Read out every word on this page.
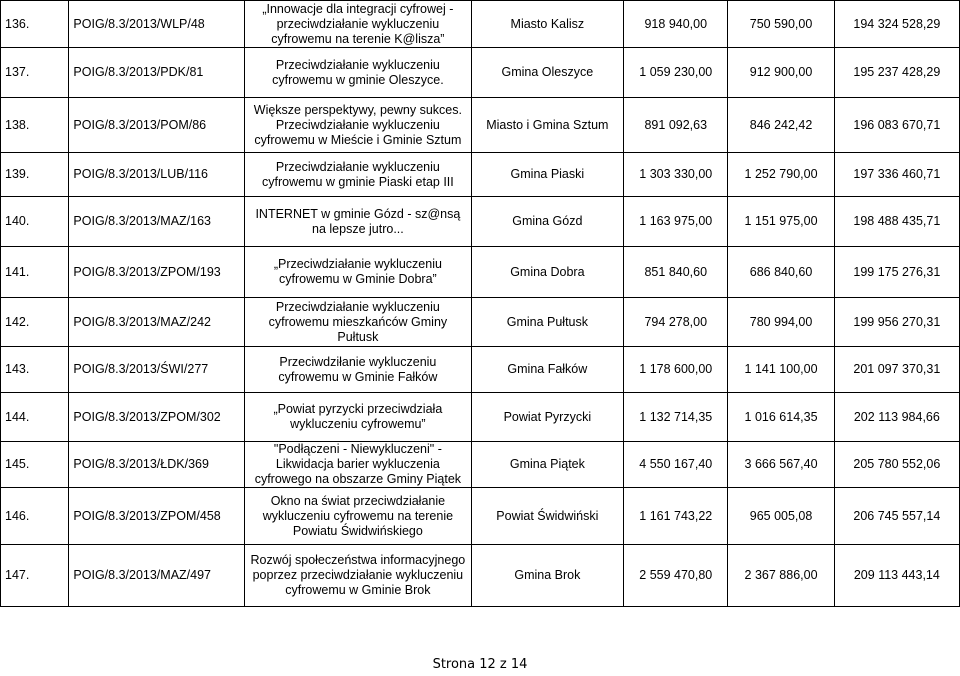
136.	POIG/8.3/2013/WLP/48	„Innowacje dla integracji cyfrowej - przeciwdziałanie wykluczeniu cyfrowemu na terenie K@lisza”	Miasto Kalisz	918 940,00	750 590,00	194 324 528,29
137.	POIG/8.3/2013/PDK/81	Przeciwdziałanie wykluczeniu cyfrowemu w gminie Oleszyce.	Gmina Oleszyce	1 059 230,00	912 900,00	195 237 428,29
138.	POIG/8.3/2013/POM/86	Większe perspektywy, pewny sukces. Przeciwdziałanie wykluczeniu cyfrowemu w Mieście i Gminie Sztum	Miasto i Gmina Sztum	891 092,63	846 242,42	196 083 670,71
139.	POIG/8.3/2013/LUB/116	Przeciwdziałanie wykluczeniu cyfrowemu w gminie Piaski etap III	Gmina Piaski	1 303 330,00	1 252 790,00	197 336 460,71
140.	POIG/8.3/2013/MAZ/163	INTERNET w gminie Gózd - sz@nsą na lepsze jutro...	Gmina Gózd	1 163 975,00	1 151 975,00	198 488 435,71
141.	POIG/8.3/2013/ZPOM/193	„Przeciwdziałanie wykluczeniu cyfrowemu w Gminie Dobra”	Gmina Dobra	851 840,60	686 840,60	199 175 276,31
142.	POIG/8.3/2013/MAZ/242	Przeciwdziałanie wykluczeniu cyfrowemu mieszkańców Gminy Pułtusk	Gmina Pułtusk	794 278,00	780 994,00	199 956 270,31
143.	POIG/8.3/2013/ŚWI/277	Przeciwdziłanie wykluczeniu cyfrowemu w Gminie Fałków	Gmina Fałków	1 178 600,00	1 141 100,00	201 097 370,31
144.	POIG/8.3/2013/ZPOM/302	„Powiat pyrzycki przeciwdziała wykluczeniu cyfrowemu”	Powiat Pyrzycki	1 132 714,35	1 016 614,35	202 113 984,66
145.	POIG/8.3/2013/ŁDK/369	"Podłączeni - Niewykluczeni" - Likwidacja barier wykluczenia cyfrowego na obszarze Gminy Piątek	Gmina Piątek	4 550 167,40	3 666 567,40	205 780 552,06
146.	POIG/8.3/2013/ZPOM/458	Okno na świat przeciwdziałanie wykluczeniu cyfrowemu na terenie Powiatu Świdwińskiego	Powiat Świdwiński	1 161 743,22	965 005,08	206 745 557,14
147.	POIG/8.3/2013/MAZ/497	Rozwój społeczeństwa informacyjnego poprzez przeciwdziałanie wykluczeniu cyfrowemu w Gminie Brok	Gmina Brok	2 559 470,80	2 367 886,00	209 113 443,14
Strona 12 z 14
